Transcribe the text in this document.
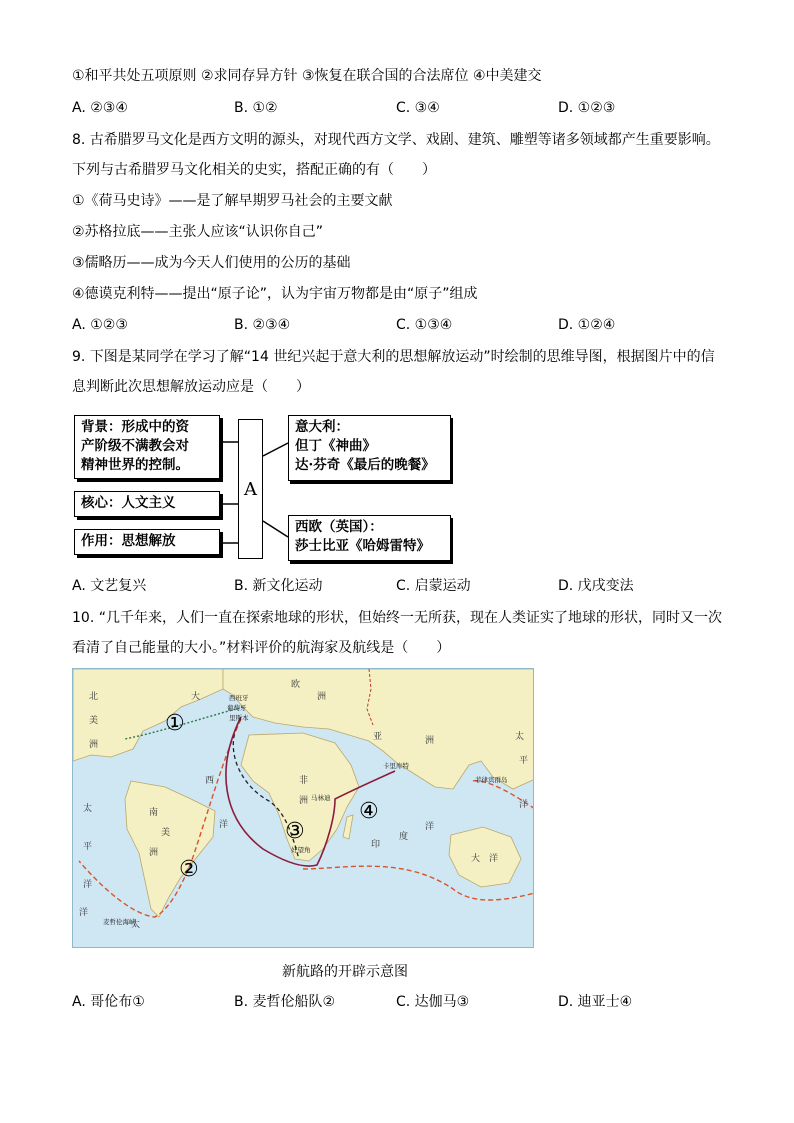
①和平共处五项原则 ②求同存异方针 ③恢复在联合国的合法席位 ④中美建交
A. ②③④	B. ①②	C. ③④	D. ①②③
8. 古希腊罗马文化是西方文明的源头，对现代西方文学、戏剧、建筑、雕塑等诸多领域都产生重要影响。
下列与古希腊罗马文化相关的史实，搭配正确的有（　　）
①《荷马史诗》——是了解早期罗马社会的主要文献
②苏格拉底——主张人应该“认识你自己”
③儒略历——成为今天人们使用的公历的基础
④德谟克利特——提出“原子论”，认为宇宙万物都是由“原子”组成
A. ①②③	B. ②③④	C. ①③④	D. ①②④
9. 下图是某同学在学习了解“14 世纪兴起于意大利的思想解放运动”时绘制的思维导图，根据图片中的信
息判断此次思想解放运动应是（　　）
背景：形成中的资
产阶级不满教会对
精神世界的控制。
核心：人文主义
作用：思想解放
A
意大利：
但丁《神曲》
达·芬奇《最后的晚餐》
西欧（英国）：
莎士比亚《哈姆雷特》
A. 文艺复兴	B. 新文化运动	C. 启蒙运动	D. 戊戌变法
10. “几千年来，人们一直在探索地球的形状，但始终一无所获，现在人类证实了地球的形状，同时又一次
看清了自己能量的大小。”材料评价的航海家及航线是（　　）
北
美
洲
大
西
太
平
洋
南
美
洲
洋
欧
洲
亚	洲
非
洲
太
平
洋
印
度
洋
大 洋
洋
太
西班牙
葡萄牙
里斯本
卡里库特
菲律宾群岛
马林迪
好望角
麦哲伦海峡
①
②
③
④
新航路的开辟示意图
A. 哥伦布①	B. 麦哲伦船队②	C. 达伽马③	D. 迪亚士④
